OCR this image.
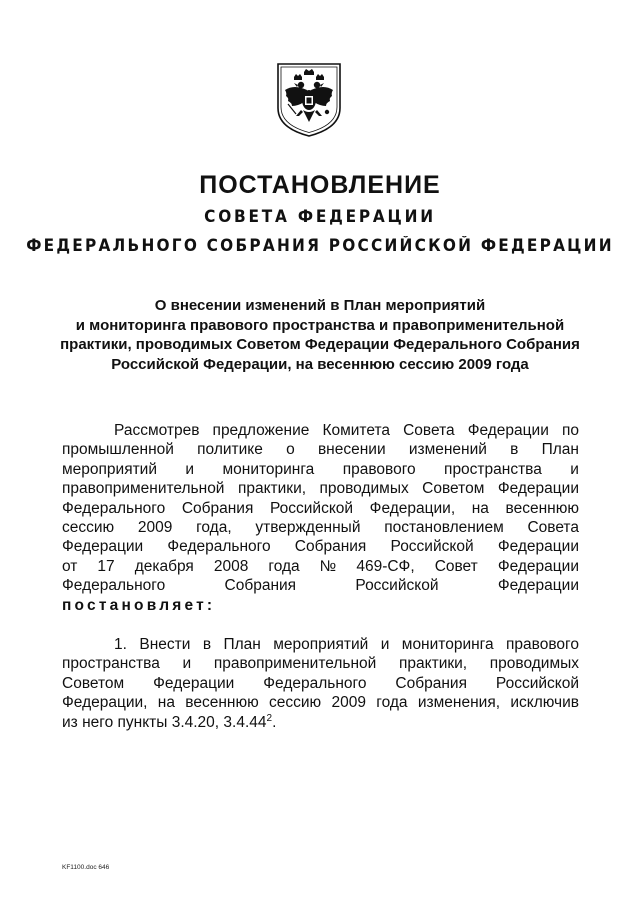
ПОСТАНОВЛЕНИЕ
СОВЕТА ФЕДЕРАЦИИ
ФЕДЕРАЛЬНОГО СОБРАНИЯ РОССИЙСКОЙ ФЕДЕРАЦИИ
О внесении изменений в План мероприятий
и мониторинга правового пространства и правоприменительной
практики, проводимых Советом Федерации Федерального Собрания
Российской Федерации, на весеннюю сессию 2009 года
Рассмотрев предложение Комитета Совета Федерации по
промышленной политике о внесении изменений в План
мероприятий и мониторинга правового пространства и
правоприменительной практики, проводимых Советом Федерации
Федерального Собрания Российской Федерации, на весеннюю
сессию 2009 года, утвержденный постановлением Совета
Федерации Федерального Собрания Российской Федерации
от 17 декабря 2008 года № 469-СФ, Совет Федерации
Федерального	Собрания	Российской	Федерации
постановляет:
1. Внести в План мероприятий и мониторинга правового
пространства и правоприменительной практики, проводимых
Советом Федерации Федерального Собрания Российской
Федерации, на весеннюю сессию 2009 года изменения, исключив
из него пункты 3.4.20, 3.4.44$^2$.
KF1100.doc 646
